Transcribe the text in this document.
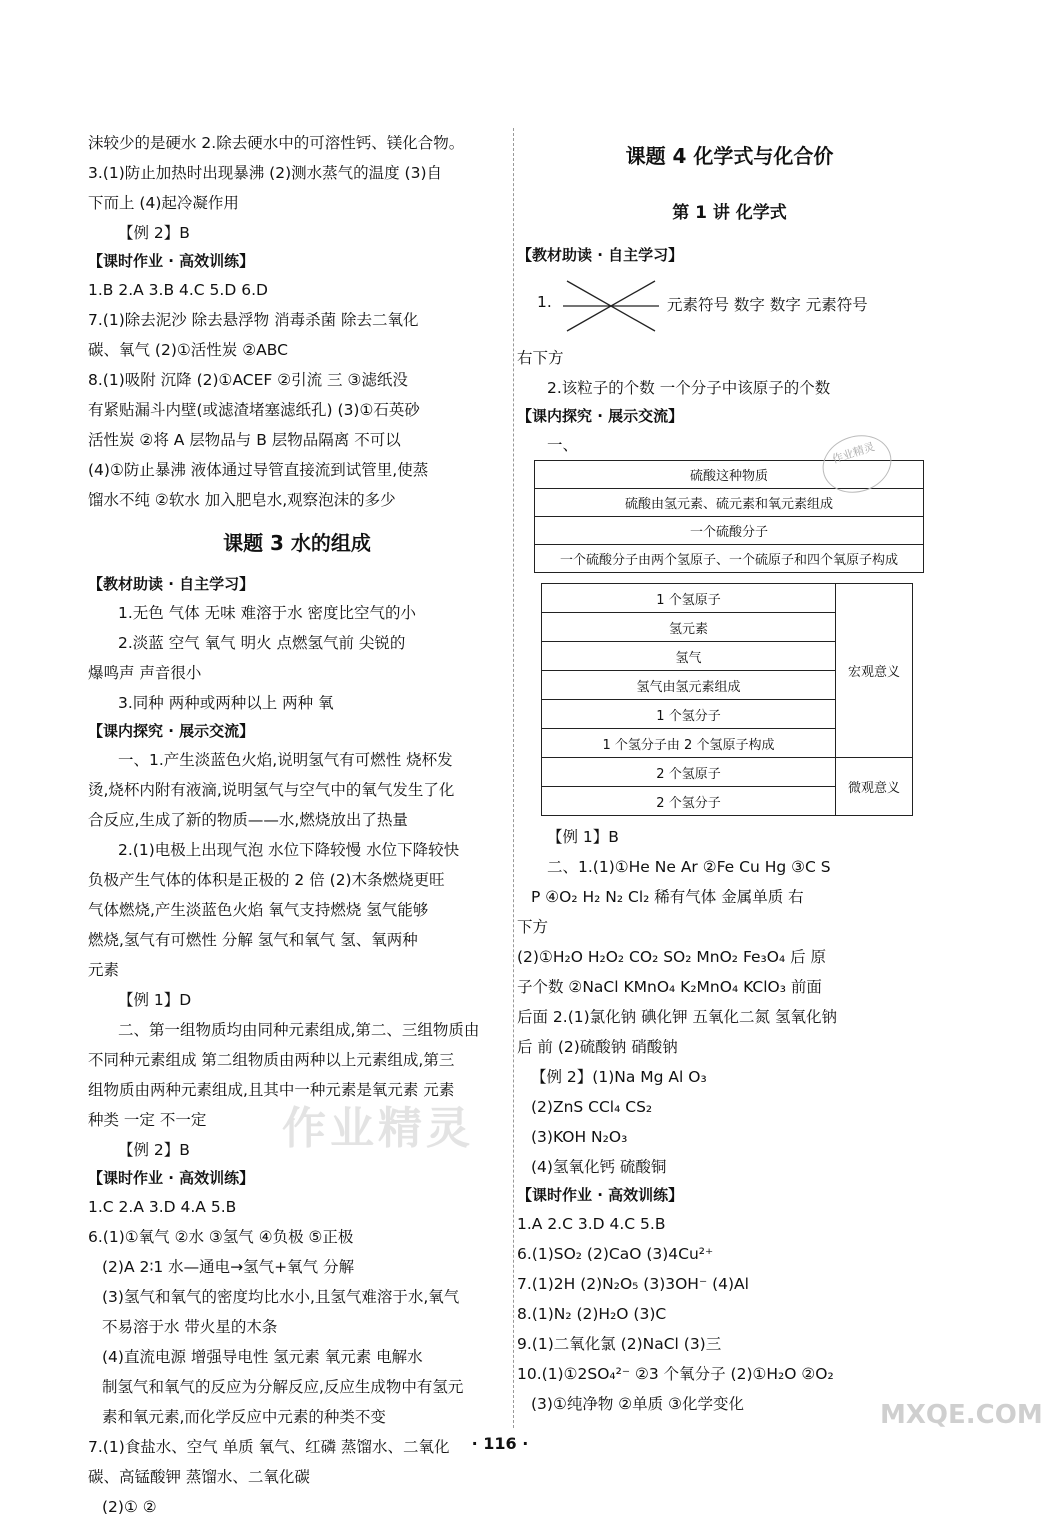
沫较少的是硬水 2.除去硬水中的可溶性钙、镁化合物。
3.(1)防止加热时出现暴沸 (2)测水蒸气的温度 (3)自
下而上 (4)起冷凝作用
【例 2】B
【课时作业 · 高效训练】
1.B 2.A 3.B 4.C 5.D 6.D
7.(1)除去泥沙 除去悬浮物 消毒杀菌 除去二氧化
碳、氧气 (2)①活性炭 ②ABC
8.(1)吸附 沉降 (2)①ACEF ②引流 三 ③滤纸没
有紧贴漏斗内壁(或滤渣堵塞滤纸孔) (3)①石英砂
活性炭 ②将 A 层物品与 B 层物品隔离 不可以
(4)①防止暴沸 液体通过导管直接流到试管里,使蒸
馏水不纯 ②软水 加入肥皂水,观察泡沫的多少
课题 3 水的组成
【教材助读 · 自主学习】
1.无色 气体 无味 难溶于水 密度比空气的小
2.淡蓝 空气 氧气 明火 点燃氢气前 尖锐的
爆鸣声 声音很小
3.同种 两种或两种以上 两种 氧
【课内探究 · 展示交流】
一、1.产生淡蓝色火焰,说明氢气有可燃性 烧杯发
烫,烧杯内附有液滴,说明氢气与空气中的氧气发生了化
合反应,生成了新的物质——水,燃烧放出了热量
2.(1)电极上出现气泡 水位下降较慢 水位下降较快
负极产生气体的体积是正极的 2 倍 (2)木条燃烧更旺
气体燃烧,产生淡蓝色火焰 氧气支持燃烧 氢气能够
燃烧,氢气有可燃性 分解 氢气和氧气 氢、氧两种
元素
【例 1】D
二、第一组物质均由同种元素组成,第二、三组物质由
不同种元素组成 第二组物质由两种以上元素组成,第三
组物质由两种元素组成,且其中一种元素是氧元素 元素
种类 一定 不一定
【例 2】B
【课时作业 · 高效训练】
1.C 2.A 3.D 4.A 5.B
6.(1)①氧气 ②水 ③氢气 ④负极 ⑤正极
(2)A 2∶1 水—通电→氢气+氧气 分解
(3)氢气和氧气的密度均比水小,且氢气难溶于水,氧气
不易溶于水 带火星的木条
(4)直流电源 增强导电性 氢元素 氧元素 电解水
制氢气和氧气的反应为分解反应,反应生成物中有氢元
素和氧元素,而化学反应中元素的种类不变
7.(1)食盐水、空气 单质 氧气、红磷 蒸馏水、二氧化
碳、高锰酸钾 蒸馏水、二氧化碳
(2)① ②
课题 4 化学式与化合价
第 1 讲 化学式
【教材助读 · 自主学习】
1.	元素符号 数字 数字 元素符号
右下方
2.该粒子的个数 一个分子中该原子的个数
【课内探究 · 展示交流】
一、
硫酸这种物质
硫酸由氢元素、硫元素和氧元素组成
一个硫酸分子
一个硫酸分子由两个氢原子、一个硫原子和四个氧原子构成
1 个氢原子	宏观意义
氢元素	
氢气	
氢气由氢元素组成	
1 个氢分子	
1 个氢分子由 2 个氢原子构成	
2 个氢原子	微观意义
2 个氢分子	
【例 1】B
二、1.(1)①He Ne Ar ②Fe Cu Hg ③C S
P ④O₂ H₂ N₂ Cl₂ 稀有气体 金属单质 右
下方
(2)①H₂O H₂O₂ CO₂ SO₂ MnO₂ Fe₃O₄ 后 原
子个数 ②NaCl KMnO₄ K₂MnO₄ KClO₃ 前面
后面 2.(1)氯化钠 碘化钾 五氧化二氮 氢氧化钠
后 前 (2)硫酸钠 硝酸钠
【例 2】(1)Na Mg Al O₃
(2)ZnS CCl₄ CS₂
(3)KOH N₂O₃
(4)氢氧化钙 硫酸铜
【课时作业 · 高效训练】
1.A 2.C 3.D 4.C 5.B
6.(1)SO₂ (2)CaO (3)4Cu²⁺
7.(1)2H (2)N₂O₅ (3)3OH⁻ (4)Al
8.(1)N₂ (2)H₂O (3)C
9.(1)二氧化氯 (2)NaCl (3)三
10.(1)①2SO₄²⁻ ②3 个氧分子 (2)①H₂O ②O₂
(3)①纯净物 ②单质 ③化学变化
作业精灵
作业精灵
MXQE.COM
· 116 ·
